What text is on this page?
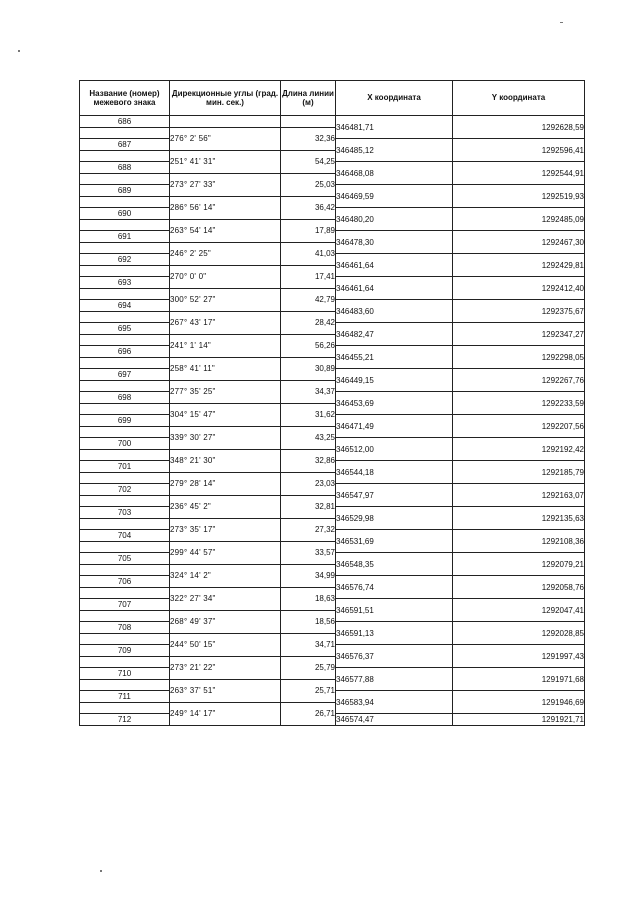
Название (номер) межевого знака	Дирекционные углы (град. мин. сек.)	Длина линии (м)	X координата	Y координата
686			346481,71	1292628,59
	276° 2' 56"	32,36		
687			346485,12	1292596,41
	251° 41' 31"	54,25		
688			346468,08	1292544,91
	273° 27' 33"	25,03		
689			346469,59	1292519,93
	286° 56' 14"	36,42		
690			346480,20	1292485,09
	263° 54' 14"	17,89		
691			346478,30	1292467,30
	246° 2' 25"	41,03		
692			346461,64	1292429,81
	270° 0' 0"	17,41		
693			346461,64	1292412,40
	300° 52' 27"	42,79		
694			346483,60	1292375,67
	267° 43' 17"	28,42		
695			346482,47	1292347,27
	241° 1' 14"	56,26		
696			346455,21	1292298,05
	258° 41' 11"	30,89		
697			346449,15	1292267,76
	277° 35' 25"	34,37		
698			346453,69	1292233,59
	304° 15' 47"	31,62		
699			346471,49	1292207,56
	339° 30' 27"	43,25		
700			346512,00	1292192,42
	348° 21' 30"	32,86		
701			346544,18	1292185,79
	279° 28' 14"	23,03		
702			346547,97	1292163,07
	236° 45' 2"	32,81		
703			346529,98	1292135,63
	273° 35' 17"	27,32		
704			346531,69	1292108,36
	299° 44' 57"	33,57		
705			346548,35	1292079,21
	324° 14' 2"	34,99		
706			346576,74	1292058,76
	322° 27' 34"	18,63		
707			346591,51	1292047,41
	268° 49' 37"	18,56		
708			346591,13	1292028,85
	244° 50' 15"	34,71		
709			346576,37	1291997,43
	273° 21' 22"	25,79		
710			346577,88	1291971,68
	263° 37' 51"	25,71		
711			346583,94	1291946,69
	249° 14' 17"	26,71		
712			346574,47	1291921,71
